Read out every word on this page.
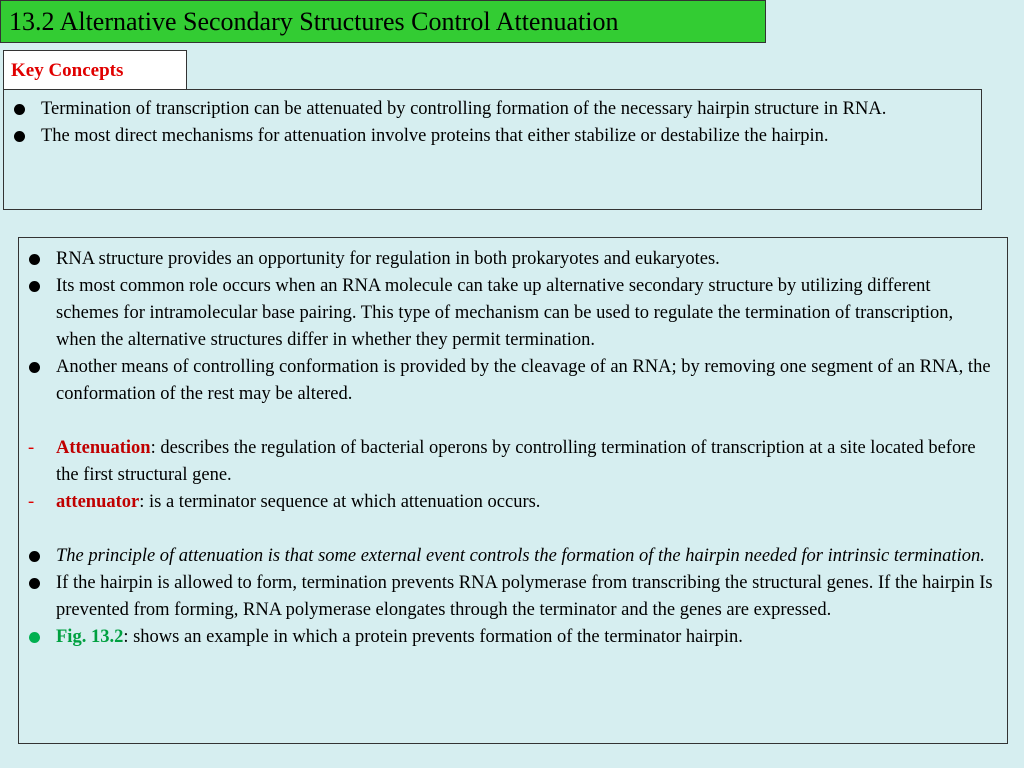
13.2 Alternative Secondary Structures Control Attenuation
Key Concepts
Termination of transcription can be attenuated by controlling formation of the necessary hairpin structure in RNA.
The most direct mechanisms for attenuation involve proteins that either stabilize or destabilize the hairpin.
RNA structure provides an opportunity for regulation in both prokaryotes and eukaryotes.
Its most common role occurs when an RNA molecule can take up alternative secondary structure by utilizing different schemes for intramolecular base pairing. This type of mechanism can be used to regulate the termination of transcription, when the alternative structures differ in whether they permit termination.
Another means of controlling conformation is provided by the cleavage of an RNA; by removing one segment of an RNA, the conformation of the rest may be altered.
- Attenuation: describes the regulation of bacterial operons by controlling termination of transcription at a site located before the first structural gene.
- attenuator: is a terminator sequence at which attenuation occurs.
The principle of attenuation is that some external event controls the formation of the hairpin needed for intrinsic termination.
If the hairpin is allowed to form, termination prevents RNA polymerase from transcribing the structural genes. If the hairpin Is prevented from forming, RNA polymerase elongates through the terminator and the genes are expressed.
Fig. 13.2: shows an example in which a protein prevents formation of the terminator hairpin.
